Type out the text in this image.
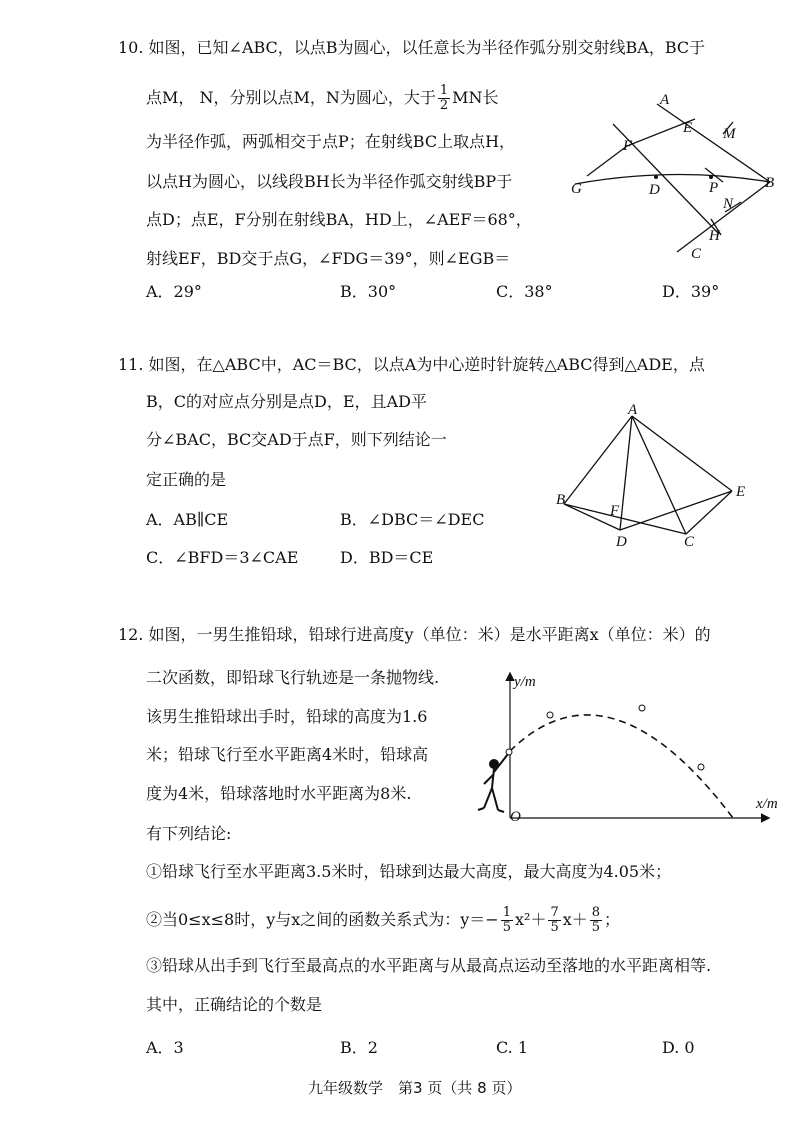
10. 如图，已知∠ABC，以点B为圆心，以任意长为半径作弧分别交射线BA，BC于
点M， N，分别以点M，N为圆心，大于 $\frac{1}{2}$ MN长
为半径作弧，两弧相交于点P；在射线BC上取点H，
以点H为圆心，以线段BH长为半径作弧交射线BP于
点D；点E，F分别在射线BA，HD上，∠AEF＝68°，
射线EF，BD交于点G，∠FDG＝39°，则∠EGB＝
A．29°	B．30°	C．38°	D．39°
A
E M
F
G	D	P	B
N
H
C
11. 如图，在△ABC中，AC＝BC，以点A为中心逆时针旋转△ABC得到△ADE，点
B，C的对应点分别是点D，E，且AD平
分∠BAC，BC交AD于点F，则下列结论一
定正确的是
A．AB∥CE	B．∠DBC＝∠DEC
C．∠BFD＝3∠CAE	D．BD＝CE
A
B	E
F
D	C
12. 如图，一男生推铅球，铅球行进高度y（单位：米）是水平距离x（单位：米）的
二次函数，即铅球飞行轨迹是一条抛物线.
该男生推铅球出手时，铅球的高度为1.6
米；铅球飞行至水平距离4米时，铅球高
度为4米，铅球落地时水平距离为8米.
有下列结论:
①铅球飞行至水平距离3.5米时，铅球到达最大高度，最大高度为4.05米；
②当0≤x≤8时，y与x之间的函数关系式为：$y=- \frac{1}{5} x^2+ \frac{7}{5} x+ \frac{8}{5}$ ；
③铅球从出手到飞行至最高点的水平距离与从最高点运动至落地的水平距离相等.
其中，正确结论的个数是
A．3	B．2	C. 1	D. 0
y/m
x/m
O
九年级数学　第3 页（共 8 页）
